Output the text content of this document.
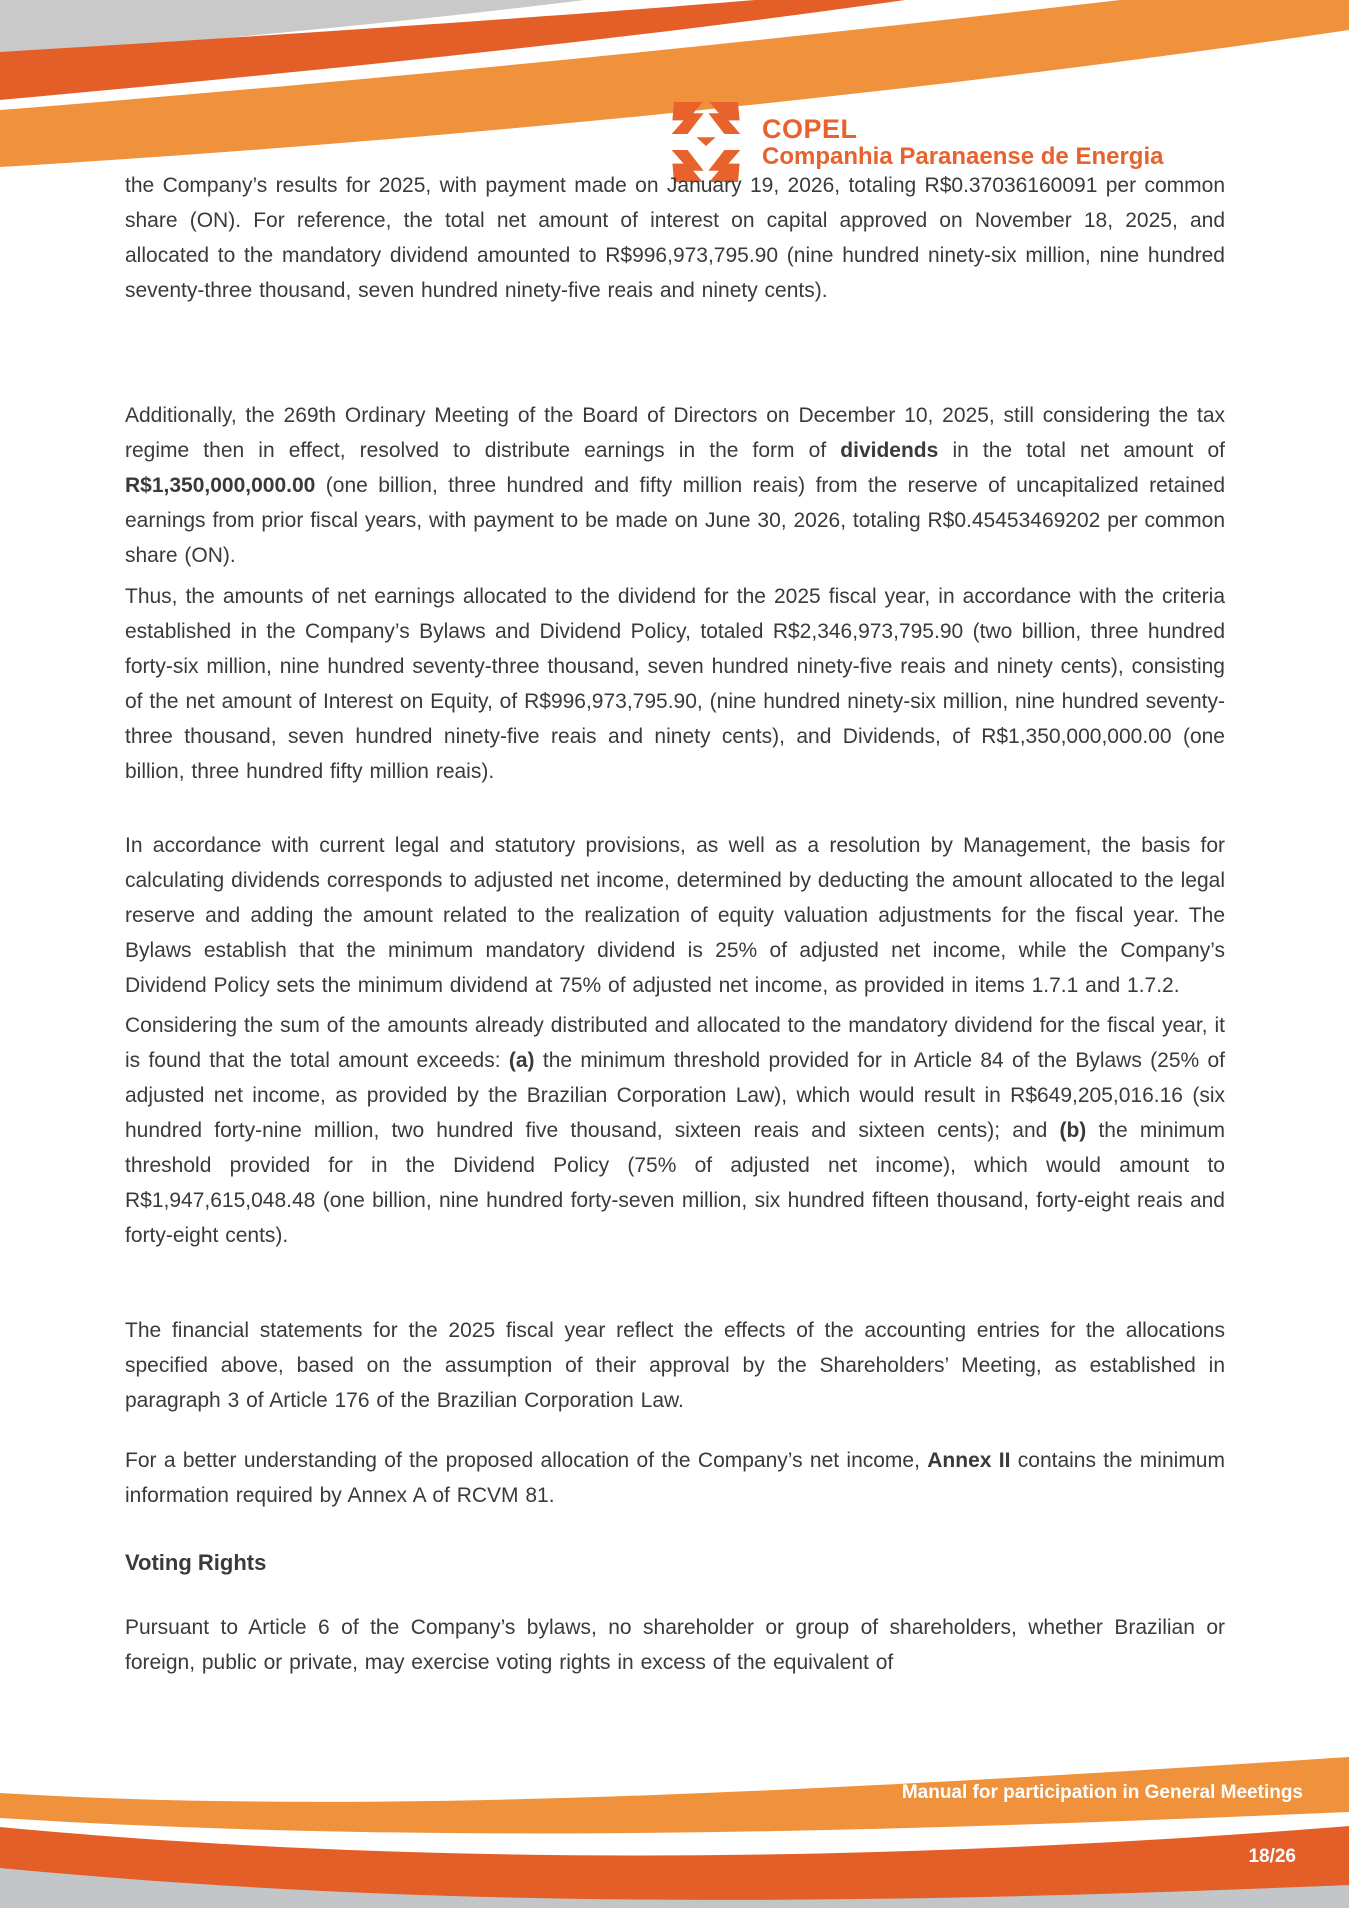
COPEL
Companhia Paranaense de Energia

the Company’s results for 2025, with payment made on January 19, 2026, totaling R$0.37036160091 per common share (ON). For reference, the total net amount of interest on capital approved on November 18, 2025, and allocated to the mandatory dividend amounted to R$996,973,795.90 (nine hundred ninety-six million, nine hundred seventy-three thousand, seven hundred ninety-five reais and ninety cents).

Additionally, the 269th Ordinary Meeting of the Board of Directors on December 10, 2025, still considering the tax regime then in effect, resolved to distribute earnings in the form of dividends in the total net amount of R$1,350,000,000.00 (one billion, three hundred and fifty million reais) from the reserve of uncapitalized retained earnings from prior fiscal years, with payment to be made on June 30, 2026, totaling R$0.45453469202 per common share (ON).

Thus, the amounts of net earnings allocated to the dividend for the 2025 fiscal year, in accordance with the criteria established in the Company’s Bylaws and Dividend Policy, totaled R$2,346,973,795.90 (two billion, three hundred forty-six million, nine hundred seventy-three thousand, seven hundred ninety-five reais and ninety cents), consisting of the net amount of Interest on Equity, of R$996,973,795.90, (nine hundred ninety-six million, nine hundred seventy-three thousand, seven hundred ninety-five reais and ninety cents), and Dividends, of R$1,350,000,000.00 (one billion, three hundred fifty million reais).

In accordance with current legal and statutory provisions, as well as a resolution by Management, the basis for calculating dividends corresponds to adjusted net income, determined by deducting the amount allocated to the legal reserve and adding the amount related to the realization of equity valuation adjustments for the fiscal year. The Bylaws establish that the minimum mandatory dividend is 25% of adjusted net income, while the Company’s Dividend Policy sets the minimum dividend at 75% of adjusted net income, as provided in items 1.7.1 and 1.7.2.

Considering the sum of the amounts already distributed and allocated to the mandatory dividend for the fiscal year, it is found that the total amount exceeds: (a) the minimum threshold provided for in Article 84 of the Bylaws (25% of adjusted net income, as provided by the Brazilian Corporation Law), which would result in R$649,205,016.16 (six hundred forty-nine million, two hundred five thousand, sixteen reais and sixteen cents); and (b) the minimum threshold provided for in the Dividend Policy (75% of adjusted net income), which would amount to R$1,947,615,048.48 (one billion, nine hundred forty-seven million, six hundred fifteen thousand, forty-eight reais and forty-eight cents).

The financial statements for the 2025 fiscal year reflect the effects of the accounting entries for the allocations specified above, based on the assumption of their approval by the Shareholders’ Meeting, as established in paragraph 3 of Article 176 of the Brazilian Corporation Law.

For a better understanding of the proposed allocation of the Company’s net income, Annex II contains the minimum information required by Annex A of RCVM 81.

Voting Rights

Pursuant to Article 6 of the Company’s bylaws, no shareholder or group of shareholders, whether Brazilian or foreign, public or private, may exercise voting rights in excess of the equivalent of

Manual for participation in General Meetings
18/26
